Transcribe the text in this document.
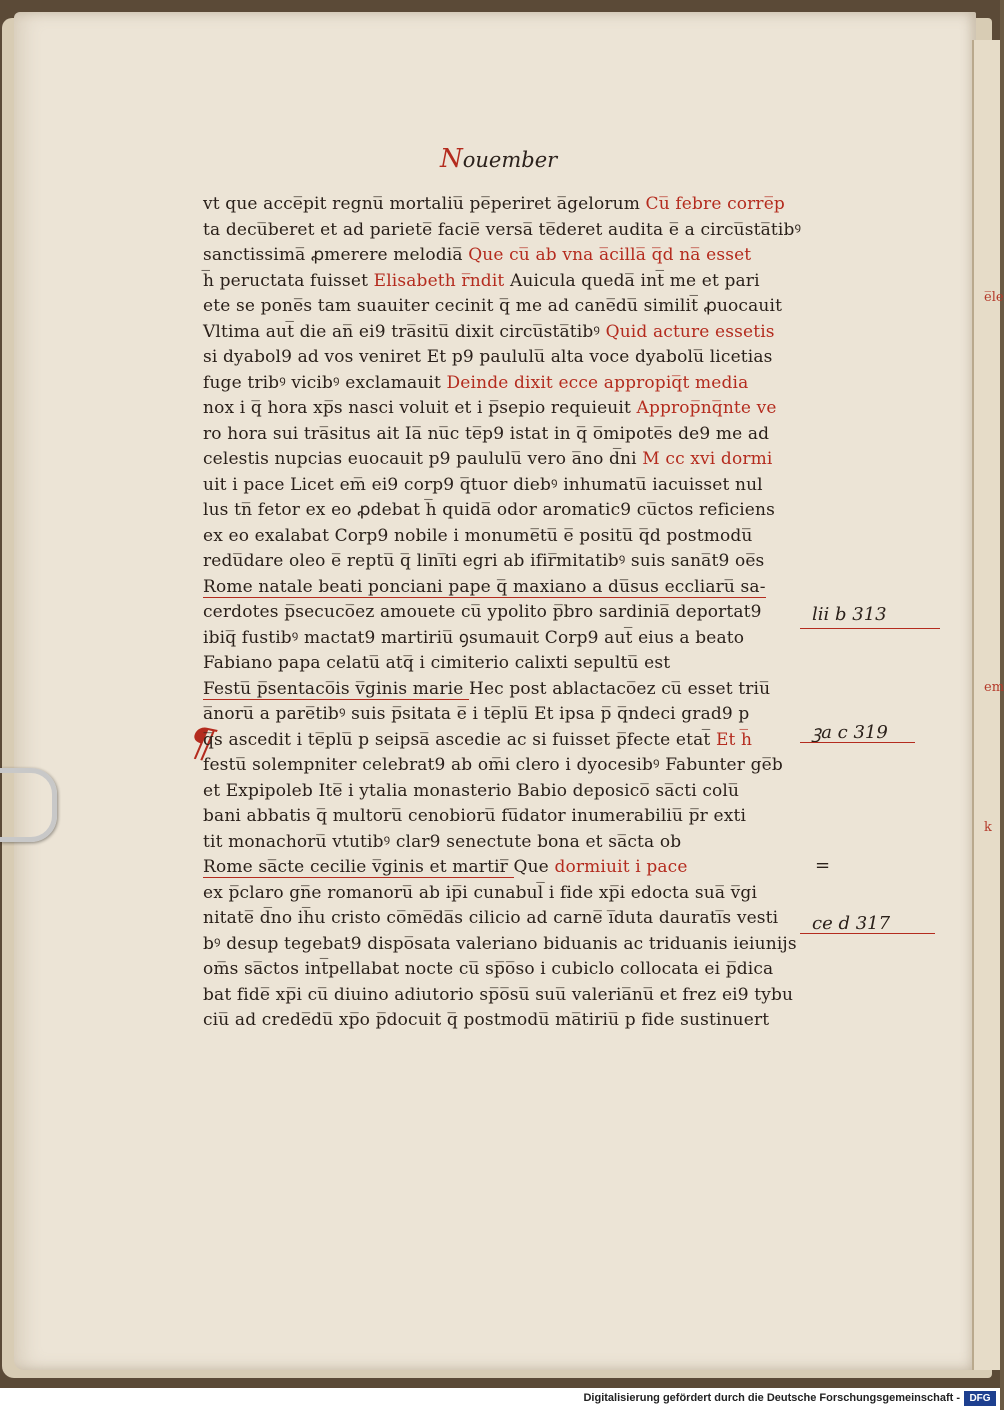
e̅le
em
k
Nouember
¶
vt que acce̅pit regnu̅ mortaliu̅ pe̅periret a̅gelorum Cu̅ febre corre̅p
ta decu̅beret et ad pariete̅ facie̅ versa̅ te̅deret audita e̅ a circu̅sta̅tibꝰ
sanctissima̅ ꝓmerere melodia̅ Que cu̅ ab vna a̅cilla̅ q̅d na̅ esset
h̅ peructata fuisset Elisabeth r̅ndit Auicula queda̅ int̅ me et pari
ete se pone̅s tam suauiter cecinit q̅ me ad cane̅du̅ similit̅ ꝓuocauit
Vltima aut̅ die an̅ ei9 tra̅situ̅ dixit circu̅sta̅tibꝰ Quid acture essetis
si dyabol9 ad vos veniret Et p9 paululu̅ alta voce dyabolu̅ licetias
fuge tribꝰ vicibꝰ exclamauit Deinde dixit ecce appropiq̅t media
nox i q̅ hora xp̅s nasci voluit et i p̅sepio requieuit Approp̅nq̅nte ve
ro hora sui tra̅situs ait Ia̅ nu̅c te̅p9 istat in q̅ o̅mipote̅s de9 me ad
celestis nupcias euocauit p9 paululu̅ vero a̅no d̅ni M cc xvi dormi
uit i pace Licet em̅ ei9 corp9 q̅tuor diebꝰ inhumatu̅ iacuisset nul
lus tn̅ fetor ex eo ꝓdebat h̅ quida̅ odor aromatic9 cu̅ctos reficiens
ex eo exalabat Corp9 nobile i monume̅tu̅ e̅ positu̅ q̅d postmodu̅
redu̅dare oleo e̅ reptu̅ q̅ lini̅ti egri ab ifir̅mitatibꝰ suis sana̅t9 oe̅s
Rome natale beati ponciani pape q̅ maxiano a du̅sus eccliaru̅ sa-
cerdotes p̅secuco̅ez amouete cu̅ ypolito p̅bro sardinia̅ deportat9
ibiq̅ fustibꝰ mactat9 martiriu̅ ꝯsumauit Corp9 aut̅ eius a beato
Fabiano papa celatu̅ atq̅ i cimiterio calixti sepultu̅ est
Festu̅ p̅sentaco̅is v̅ginis marie Hec post ablactaco̅ez cu̅ esset triu̅
a̅noru̅ a pare̅tibꝰ suis p̅sitata e̅ i te̅plu̅ Et ipsa p̅ q̅ndeci grad9 p
q̅s ascedit i te̅plu̅ p seipsa̅ ascedie ac si fuisset p̅fecte etat̅ Et h̅
festu̅ solempniter celebrat9 ab om̅i clero i dyocesibꝰ Fabunter ge̅b
et Expipoleb Ite̅ i ytalia monasterio Babio deposico̅ sa̅cti colu̅
bani abbatis q̅ multoru̅ cenobioru̅ fu̅dator inumerabiliu̅ p̅r exti
tit monachoru̅ vtutibꝰ clar9 senectute bona et sa̅cta ob
Rome sa̅cte cecilie v̅ginis et martir̅ Que dormiuit i pace
ex p̅claro gn̅e romanoru̅ ab ip̅i cunabul̅ i fide xp̅i edocta sua̅ v̅gi
nitate̅ d̅no ih̅u cristo co̅me̅da̅s cilicio ad carne̅ i̅duta daurati̅s vesti
bꝰ desup tegebat9 dispo̅sata valeriano biduanis ac triduanis ieiunijs
om̅s sa̅ctos int̅pellabat nocte cu̅ sp̅o̅so i cubiclo collocata ei p̅dica
bat fide̅ xp̅i cu̅ diuino adiutorio sp̅o̅su̅ suu̅ valeria̅nu̅ et frez ei9 tybu
ciu̅ ad crede̅du̅ xp̅o p̅docuit q̅ postmodu̅ ma̅tiriu̅ p fide sustinuert
lii b 313
ꝫa c 319
=
ce d 317
Digitalisierung gefördert durch die Deutsche Forschungsgemeinschaft - DFG
